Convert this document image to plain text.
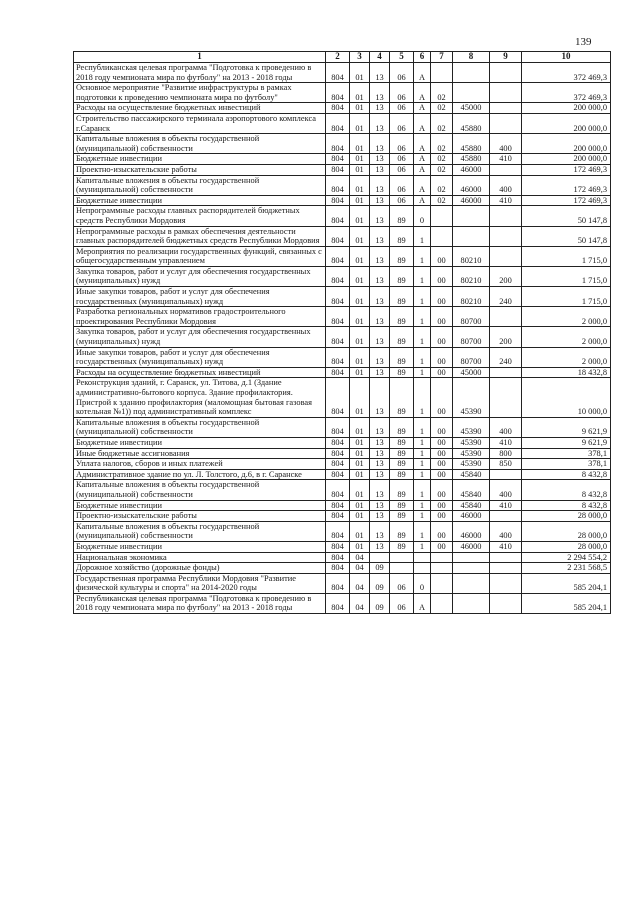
139
1	2	3	4	5	6	7	8	9	10
Республиканская целевая программа "Подготовка к проведению в 2018 году чемпионата мира по футболу" на 2013 - 2018 годы	804	01	13	06	А				372 469,3
Основное мероприятие "Развитие инфраструктуры в рамках подготовки к проведению чемпионата мира по футболу"	804	01	13	06	А	02			372 469,3
Расходы на осуществление бюджетных инвестиций	804	01	13	06	А	02	45000		200 000,0
Строительство пассажирского терминала аэропортового комплекса г.Саранск	804	01	13	06	А	02	45880		200 000,0
Капитальные вложения в объекты государственной (муниципальной) собственности	804	01	13	06	А	02	45880	400	200 000,0
Бюджетные инвестиции	804	01	13	06	А	02	45880	410	200 000,0
Проектно-изыскательские работы	804	01	13	06	А	02	46000		172 469,3
Капитальные вложения в объекты государственной (муниципальной) собственности	804	01	13	06	А	02	46000	400	172 469,3
Бюджетные инвестиции	804	01	13	06	А	02	46000	410	172 469,3
Непрограммные расходы главных распорядителей бюджетных средств Республики Мордовия	804	01	13	89	0				50 147,8
Непрограммные расходы в рамках обеспечения деятельности главных распорядителей бюджетных средств Республики Мордовия	804	01	13	89	1				50 147,8
Мероприятия по реализации государственных функций, связанных с общегосударственным управлением	804	01	13	89	1	00	80210		1 715,0
Закупка товаров, работ и услуг для обеспечения государственных (муниципальных) нужд	804	01	13	89	1	00	80210	200	1 715,0
Иные закупки товаров, работ и услуг для обеспечения государственных (муниципальных) нужд	804	01	13	89	1	00	80210	240	1 715,0
Разработка региональных нормативов градостроительного проектирования Республики Мордовия	804	01	13	89	1	00	80700		2 000,0
Закупка товаров, работ и услуг для обеспечения государственных (муниципальных) нужд	804	01	13	89	1	00	80700	200	2 000,0
Иные закупки товаров, работ и услуг для обеспечения государственных (муниципальных) нужд	804	01	13	89	1	00	80700	240	2 000,0
Расходы на осуществление бюджетных инвестиций	804	01	13	89	1	00	45000		18 432,8
Реконструкция зданий, г. Саранск, ул. Титова, д.1 (Здание административно-бытового корпуса. Здание профилактория. Пристрой к зданию профилактория (маломощная бытовая газовая котельная №1)) под административный комплекс	804	01	13	89	1	00	45390		10 000,0
Капитальные вложения в объекты государственной (муниципальной) собственности	804	01	13	89	1	00	45390	400	9 621,9
Бюджетные инвестиции	804	01	13	89	1	00	45390	410	9 621,9
Иные бюджетные ассигнования	804	01	13	89	1	00	45390	800	378,1
Уплата налогов, сборов и иных платежей	804	01	13	89	1	00	45390	850	378,1
Административное здание по ул. Л. Толстого, д.6, в г. Саранске	804	01	13	89	1	00	45840		8 432,8
Капитальные вложения в объекты государственной (муниципальной) собственности	804	01	13	89	1	00	45840	400	8 432,8
Бюджетные инвестиции	804	01	13	89	1	00	45840	410	8 432,8
Проектно-изыскательские работы	804	01	13	89	1	00	46000		28 000,0
Капитальные вложения в объекты государственной (муниципальной) собственности	804	01	13	89	1	00	46000	400	28 000,0
Бюджетные инвестиции	804	01	13	89	1	00	46000	410	28 000,0
Национальная экономика	804	04							2 294 554,2
Дорожное хозяйство (дорожные фонды)	804	04	09						2 231 568,5
Государственная программа Республики Мордовия "Развитие физической культуры и спорта" на 2014-2020 годы	804	04	09	06	0				585 204,1
Республиканская целевая программа "Подготовка к проведению в 2018 году чемпионата мира по футболу" на 2013 - 2018 годы	804	04	09	06	А				585 204,1
